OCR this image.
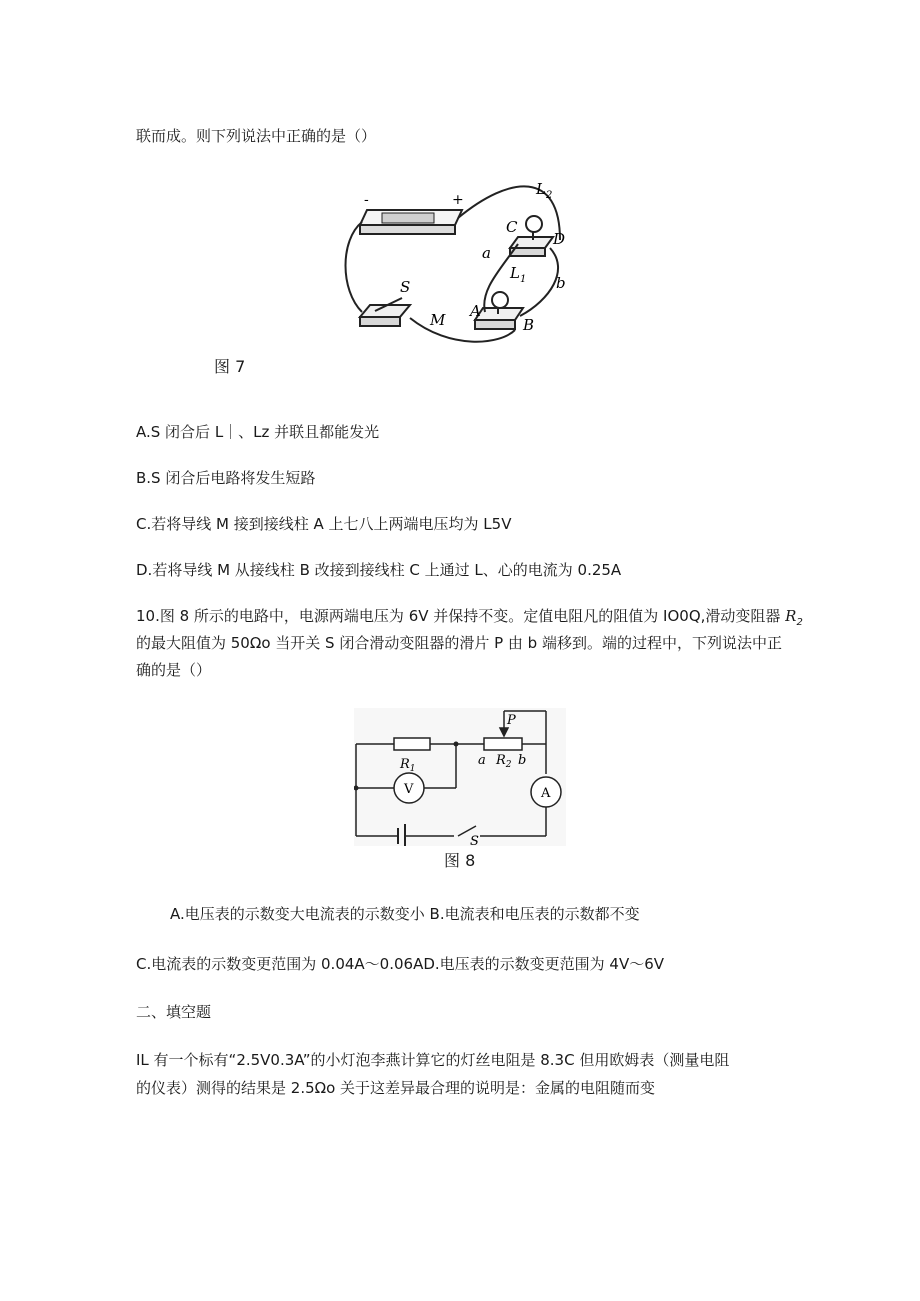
联而成。则下列说法中正确的是（）
-	+
$L_2$
C
D
a
$L_1$ b
S
A
B
M
图 7
A.S 闭合后 L｜、Lz 并联且都能发光
B.S 闭合后电路将发生短路
C.若将导线 M 接到接线柱 A 上七八上两端电压均为 L5V
D.若将导线 M 从接线柱 B 改接到接线柱 C 上通过 L、心的电流为 0.25A
10.图 8 所示的电路中，电源两端电压为 6V 并保持不变。定值电阻凡的阻值为 IO0Q,滑动变阻器 $R_2$
的最大阻值为 50Ωo 当开关 S 闭合滑动变阻器的滑片 P 由 b 端移到。端的过程中，下列说法中正
确的是（）
P
$R_1$
a $R_2$ b
V	A
S
图 8
A.电压表的示数变大电流表的示数变小 B.电流表和电压表的示数都不变
C.电流表的示数变更范围为 0.04A～0.06AD.电压表的示数变更范围为 4V～6V
二、填空题
IL 有一个标有“2.5V0.3A”的小灯泡李燕计算它的灯丝电阻是 8.3C 但用欧姆表（测量电阻
的仪表）测得的结果是 2.5Ωo 关于这差异最合理的说明是：金属的电阻随而变
